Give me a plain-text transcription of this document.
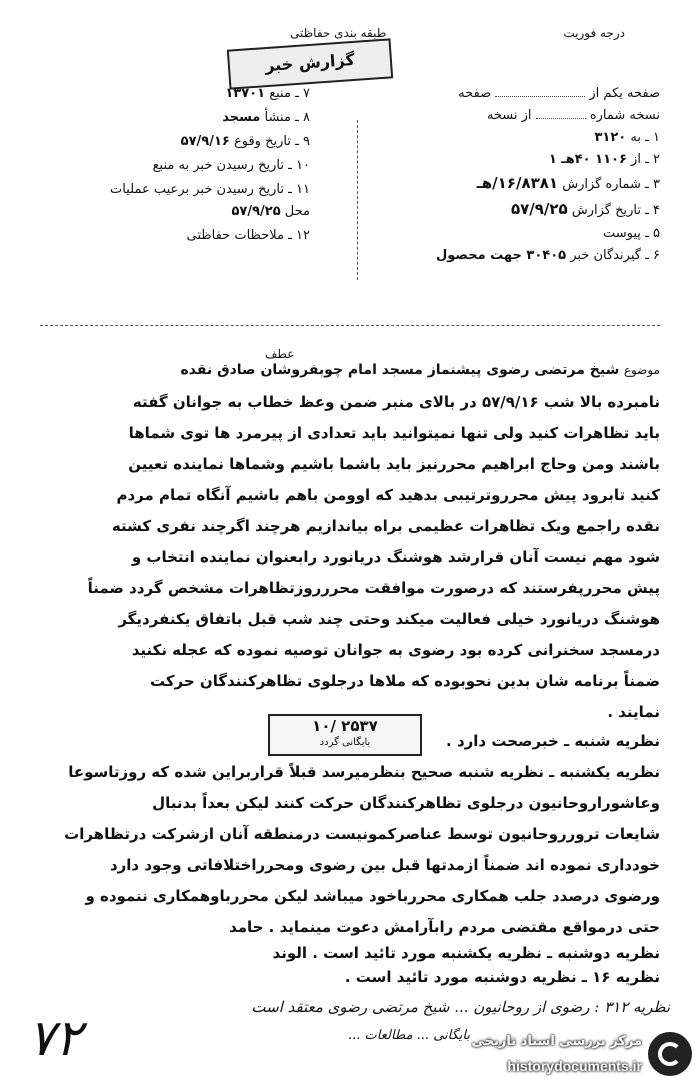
درجه فوریت
طبقه بندی حفاظتی
گزارش خبر
صفحه یکم از  صفحه
نسخه شماره  از نسخه
۱ ـ به ۳۱۲۰
۲ ـ از ۱۱۰۶ ۴۰هـ ۱
۳ ـ شماره گزارش ۱۶/۸۳۸۱/هـ
۴ ـ تاریخ گزارش ۵۷/۹/۲۵
۵ ـ پیوست
۶ ـ گیرندگان خبر ۳۰۴۰۵ جهت محصول
۷ ـ منبع ۱۳۷۰۱
۸ ـ منشأ مسجد
۹ ـ تاریخ وقوع ۵۷/۹/۱۶
۱۰ ـ تاریخ رسیدن خبر به منبع
۱۱ ـ تاریخ رسیدن خبر برعیب عملیات
محل ۵۷/۹/۲۵
۱۲ ـ ملاحظات حفاظتی
عطف
موضوع شیخ مرتضی رضوی پیشنماز مسجد امام چوبفروشان صادق نقده
نامبرده بالا شب ۵۷/۹/۱۶ در بالای منبر ضمن وعظ خطاب به جوانان گفته
باید تظاهرات کنید ولی تنها نمیتوانید باید تعدادی از پیرمرد ها توی شماها
باشند ومن وحاج ابراهیم محررنیز باید باشما باشیم وشماها نماینده تعیین
کنید تابرود پیش محرروترتیبی بدهید که اوومن باهم باشیم آنگاه تمام مردم
نقده راجمع ویک تظاهرات عظیمی براه بیاندازیم هرچند اگرچند نفری کشته
شود مهم نیست آنان قرارشد هوشنگ دریانورد رابعنوان نماینده انتخاب و
پیش محررپفرستند که درصورت موافقت محررروزتظاهرات مشخص گردد ضمناً
هوشنگ دریانورد خیلی فعالیت میکند وحتی چند شب قبل باتفاق یکنفردیگر
درمسجد سخنرانی کرده بود رضوی به جوانان توصیه نموده که عجله نکنید
ضمناً برنامه شان بدین نحوبوده که ملاها درجلوی تظاهرکنندگان حرکت
نمایند .
۱۰/ ۲۵۳۷
بایگانی گردد	نظریه شنبه ـ خبرصحت دارد .
نظریه یکشنبه ـ نظریه شنبه صحیح بنظرمیرسد قبلاً قراربراین شده که روزتاسوعا
وعاشوراروحانیون درجلوی تظاهرکنندگان حرکت کنند لیکن بعداً بدنبال
شایعات ترورروحانیون توسط عناصرکمونیست درمنطقه آنان ازشرکت درتظاهرات
خودداری نموده اند ضمناً ازمدتها قبل بین رضوی ومحرراختلافاتی وجود دارد
ورضوی درصدد جلب همکاری محررباخود میباشد لیکن محررباوهمکاری ننموده و
حتی درمواقع مقتضی مردم رابآرامش دعوت مینماید . حامد
نظریه دوشنبه ـ نظریه یکشنبه مورد تائید است . الوند
نظریه ۱۶ ـ نظریه دوشنبه مورد تائید است .
نظریه ۳۱۲ : رضوی از روحانیون ... شیخ مرتضی رضوی معتقد است
بایگانی ... مطالعات ...
۷۲	مرکز بررسی اسناد تاریخی
historydocuments.ir
